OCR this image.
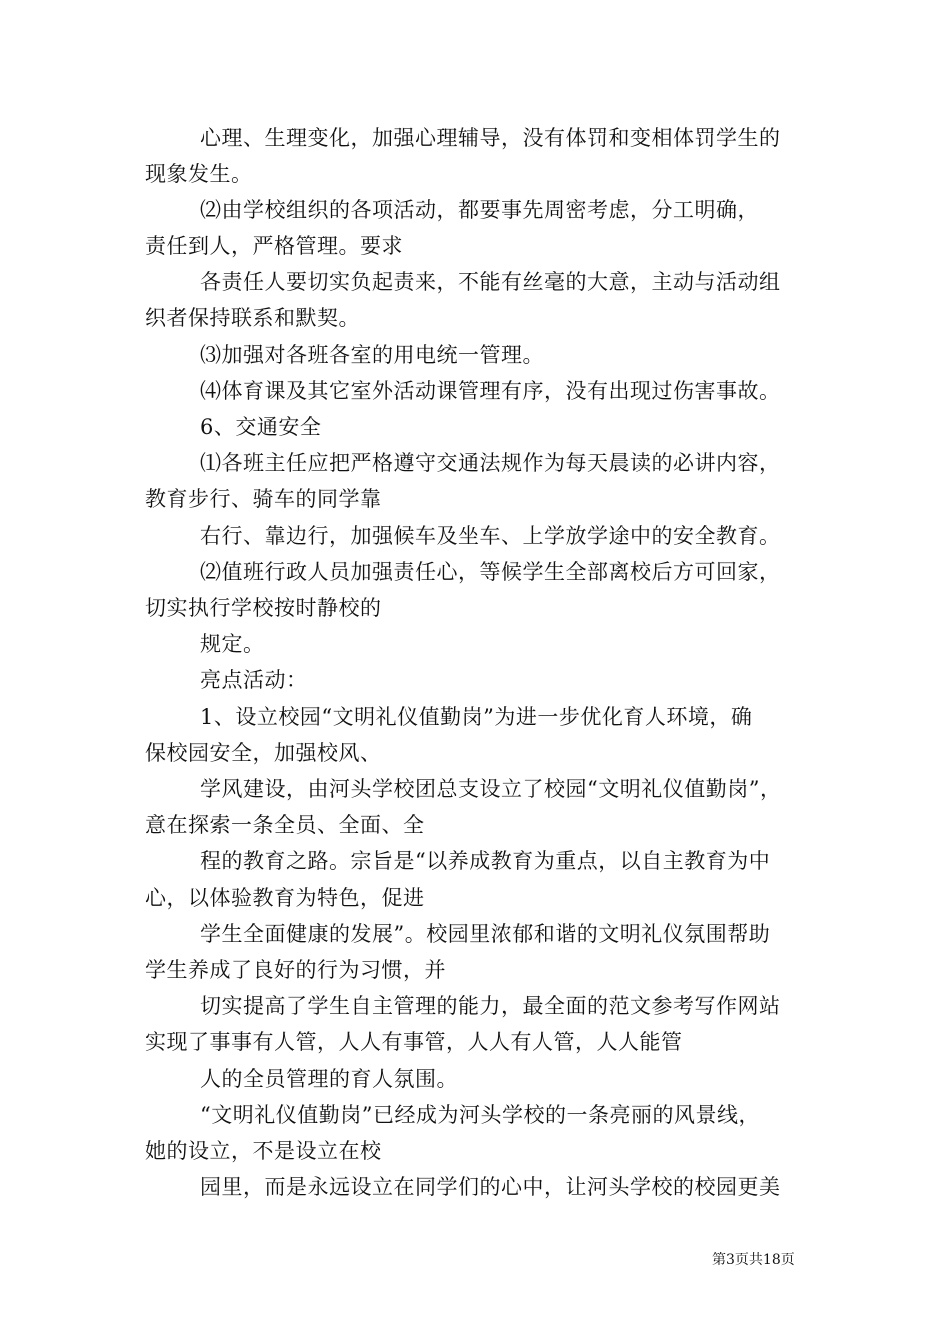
心理、生理变化，加强心理辅导，没有体罚和变相体罚学生的
现象发生。
⑵由学校组织的各项活动，都要事先周密考虑，分工明确，
责任到人，严格管理。要求
各责任人要切实负起责来，不能有丝毫的大意，主动与活动组
织者保持联系和默契。
⑶加强对各班各室的用电统一管理。
⑷体育课及其它室外活动课管理有序，没有出现过伤害事故。
6、交通安全
⑴各班主任应把严格遵守交通法规作为每天晨读的必讲内容，
教育步行、骑车的同学靠
右行、靠边行，加强候车及坐车、上学放学途中的安全教育。
⑵值班行政人员加强责任心，等候学生全部离校后方可回家，
切实执行学校按时静校的
规定。
亮点活动：
1、设立校园“文明礼仪值勤岗”为进一步优化育人环境，确
保校园安全，加强校风、
学风建设，由河头学校团总支设立了校园“文明礼仪值勤岗”，
意在探索一条全员、全面、全
程的教育之路。宗旨是“以养成教育为重点，以自主教育为中
心，以体验教育为特色，促进
学生全面健康的发展”。校园里浓郁和谐的文明礼仪氛围帮助
学生养成了良好的行为习惯，并
切实提高了学生自主管理的能力，最全面的范文参考写作网站
实现了事事有人管，人人有事管，人人有人管，人人能管
人的全员管理的育人氛围。
“文明礼仪值勤岗”已经成为河头学校的一条亮丽的风景线，
她的设立，不是设立在校
园里，而是永远设立在同学们的心中，让河头学校的校园更美
第3页共18页
